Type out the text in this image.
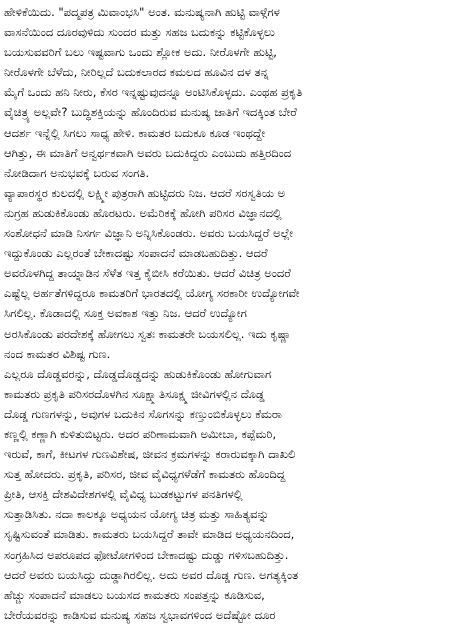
ಹೇಳಿಕೆಯಿದು. "ಪದ್ಮಪತ್ರ ಮಿವಾಂಭಸಿ" ಅಂತ. ಮನುಷ್ಯನಾಗಿ ಹುಟ್ಟಿ ವಾಳ್ಗೆಗಳ
ವಾಸನೆಯಿಂದ ದೂರವುಳಿದು ಸುಂದರ ಮತ್ತು ಸಹಜ ಬದುಕನ್ನು ಕಟ್ಟಿಕೊಳ್ಳಲು
ಬಯಸುವವರಿಗೆ ಬಲು ಇಷ್ಟವಾಗು ಒಂದು ಶ್ಲೋಕ ಅದು. ನೀರೊಳಗೇ ಹುಟ್ಟಿ,
ನೀರೊಳಗೇ ಬೆಳೆದು, ನೀರಿಲ್ಲದೆ ಬದುಕಲಾರದ ಕಮಲದ ಹೂವಿನ ದಳ ತನ್ನ
ಮೈಗೆ ಒಂದು ಹನಿ ನೀರು, ಕೆಸರ ಇನ್ನಷ್ಟುವುದನ್ನೂ ಅಂಟಿಸಿಕೊಳ್ಳದು. ಎಂಥಹ ಪ್ರಕೃತಿ
ವೈಚಿತ್ರ್ಯ ಅಲ್ಲವೇ? ಬುದ್ಧಿಶಕ್ತಿಯನ್ನು ಹೊಂದಿರುವ ಮನುಷ್ಯ ಜಾತಿಗೆ ಇದಕ್ಕಿಂತ ಬೇರೆ
ಆದರ್ಶ ಇನ್ನೆಲ್ಲಿ ಸಿಗಲು ಸಾಧ್ಯ ಹೇಳಿ. ಕಾಮತರ ಬದುಕೂ ಕೂಡ ಇಂಥದ್ದೇ
ಆಗಿತ್ತು, ಈ ಮಾತಿಗೆ ಅನ್ವರ್ಥಕವಾಗಿ ಅವರು ಬದುಕಿದ್ದರು ಎಂಬುದು ಹತ್ತಿರದಿಂದ
ನೋಡಿದಾಗ ಅನುಭವಕ್ಕೆ ಬರುವ ಸಂಗತಿ.
ವ್ಯಾಪಾರಸ್ಥರ ಕುಲದಲ್ಲಿ ಲಕ್ಷ್ಮೀ ಪುತ್ರರಾಗಿ ಹುಟ್ಟಿದರು ನಿಜ. ಆದರೆ ಸರಸ್ವತಿಯ ಅ
ನುಗ್ರಹ ಹುಡುಕಿಕೊಂಡು ಹೊರಟರು. ಅಮೆರಿಕಕ್ಕೆ ಹೋಗಿ ಪರಿಸರ ವಿಜ್ಞಾನದಲ್ಲಿ
ಸಂಶೋಧನೆ ಮಾಡಿ ನಿಸರ್ಗ ವಿಜ್ಞಾನಿ ಅನ್ನಿಸಿಕೊಂಡರು. ಅವರು ಬಯಸಿದ್ದರೆ ಅಲ್ಲೇ
ಇದ್ದುಕೊಂಡು ಎಲ್ಲರಂತೆ ಬೇಕಾದಷ್ಟು ಸಂಪಾದನೆ ಮಾಡಬಹುದಿತ್ತು. ಆದರೆ
ಅವರೊಳಗಿದ್ದ ತಾಯ್ನಾಡಿನ ಸೆಳೆತ ಇತ್ತ ಕೈಬೀಸಿ ಕರೆಯಿತು. ಆದರೆ ವಿಚಿತ್ರ ಅಂದರೆ
ಎಷ್ಟೆಲ್ಲ ಅರ್ಹತೆಗಳಿದ್ದರೂ ಕಾಮತರಿಗೆ ಭಾರತದಲ್ಲಿ ಯೋಗ್ಯ ಸರಕಾರೀ ಉದ್ಯೋಗವೇ
ಸಿಗಲಿಲ್ಲ. ಕೊಡಾದಲ್ಲಿ ಸೂಕ್ತ ಅವಕಾಶ ಇತ್ತು ನಿಜ. ಆದರೆ ಉದ್ಯೋಗ
ಅರಸಿಕೊಂಡು ಪರದೇಶಕ್ಕೆ ಹೋಗಲು ಸ್ವತಃ ಕಾಮತರೇ ಬಯಸಲಿಲ್ಲ. ಇದು ಕೃಷ್ಣಾ
ನಂದ ಕಾಮತರ ವಿಶಿಷ್ಟ ಗುಣ.
ಎಲ್ಲರೂ ದೊಡ್ಡವರನ್ನು, ದೊಡ್ಡದೊಡ್ಡದನ್ನು ಹುಡುಕಿಕೊಂಡು ಹೋಗುವಾಗ
ಕಾಮತರು ಪ್ರಕೃತಿ ಪರಿಸರದೊಳಗಿನ ಸೂಕ್ಷ್ಮಾತಿಸೂಕ್ಷ್ಮ ಜೀವಿಗಳಲ್ಲಿನ ದೊಡ್ಡ
ದೊಡ್ಡ ಗುಣಗಳನ್ನು, ಅವುಗಳ ಬದುಕಿನ ಸೊಗಸನ್ನು ಕಣ್ತುಂಬಿಕೊಳ್ಳಲು ಕೆಮರಾ
ಕಣ್ಣಲ್ಲಿ ಕಣ್ಣಾಗಿ ಕುಳಿತುಬಿಟ್ಟರು. ಅದರ ಪರಿಣಾಮವಾಗಿ ಅಮೀಬಾ, ಕಪ್ಪೆಮರಿ,
ಇರುವೆ, ಕಾಗೆ, ಕೀಟಗಳ ಗುಣವಿಶೇಷ, ಜೀವನ ಕ್ರಮಗಳನ್ನು ಕರಾರುವಕ್ಕಾಗಿ ದಾಖಲಿ
ಸುತ್ತ ಹೋದರು. ಪ್ರಕೃತಿ, ಪರಿಸರ, ಜೀವ ವೈವಿಧ್ಯಗಳೆಡೆಗೆ ಕಾಮತರು ಹೊಂದಿದ್ದ
ಪ್ರೀತಿ, ಆಸಕ್ತಿ ದೇಶವಿದೇಶಗಳಲ್ಲಿ ವೈವಿಧ್ಯ ಬುಡಕಟ್ಟುಗಳ ಪನತಿಗಳಲ್ಲಿ
ಸುತ್ತಾಡಿಸಿತು. ನದಾ ಕಾಲಕ್ಕೂ ಅಧ್ಯಯನ ಯೋಗ್ಯ ಚಿತ್ರ ಮತ್ತು ಸಾಹಿತ್ಯವನ್ನು
ಸೃಷ್ಟಿಸುವಂತೆ ಮಾಡಿತು. ಕಾಮತರು ಬಯಸಿದ್ದರೆ ತಾವೇ ಮಾಡಿದ ಅಧ್ಯಯನದಿಂದ,
ಸಂಗ್ರಹಿಸಿದ ಅಪರೂಪದ ಫೋಟೋಗಳಿಂದ ಬೇಕಾದಷ್ಟು ದುಡ್ಡು ಗಳಿಸಬಹುದಿತ್ತು.
ಆದರೆ ಅವರು ಬಯಸಿದ್ದು ದುಡ್ಡಾಗಿರಲಿಲ್ಲ. ಅದು ಅವರ ದೊಡ್ಡ ಗುಣ. ಅಗತ್ಯಕ್ಕಿಂತ
ಹೆಚ್ಚು ಸಂಪಾದನೆ ಮಾಡಲು ಬಯಸದ ಕಾಮತರು ಸಂಪತ್ತನ್ನು ಕೂಡಿಸುವ,
ಬೇರೆಯವರನ್ನು ಕಾಡಿಸುವ ಮನುಷ್ಯ ಸಹಜ ಸ್ವಭಾವಗಳಿಂದ ಅದೆಷ್ಟೋ ದೂರ
